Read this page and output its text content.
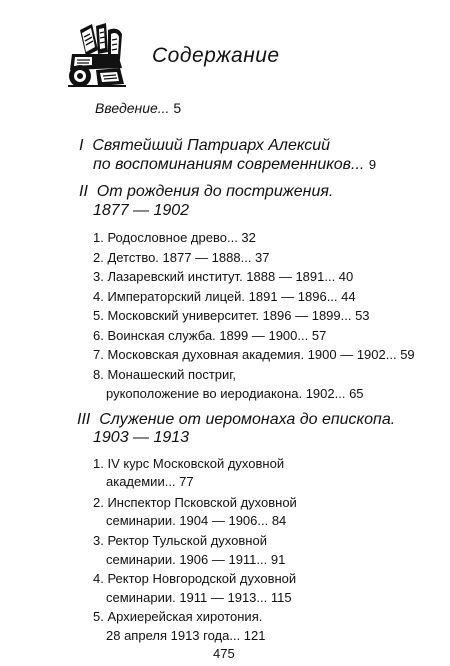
Содержание
Введение... 5
I Святейший Патриарх Алексий
по воспоминаниям современников... 9
II От рождения до пострижения.
1877 — 1902
1. Родословное древо... 32
2. Детство. 1877 — 1888... 37
3. Лазаревский институт. 1888 — 1891... 40
4. Императорский лицей. 1891 — 1896... 44
5. Московский университет. 1896 — 1899... 53
6. Воинская служба. 1899 — 1900... 57
7. Московская духовная академия. 1900 — 1902... 59
8. Монашеский постриг,
рукоположение во иеродиакона. 1902... 65
III Служение от иеромонаха до епископа.
1903 — 1913
1. IV курс Московской духовной
академии... 77
2. Инспектор Псковской духовной
семинарии. 1904 — 1906... 84
3. Ректор Тульской духовной
семинарии. 1906 — 1911... 91
4. Ректор Новгородской духовной
семинарии. 1911 — 1913... 115
5. Архиерейская хиротония.
28 апреля 1913 года... 121
475
